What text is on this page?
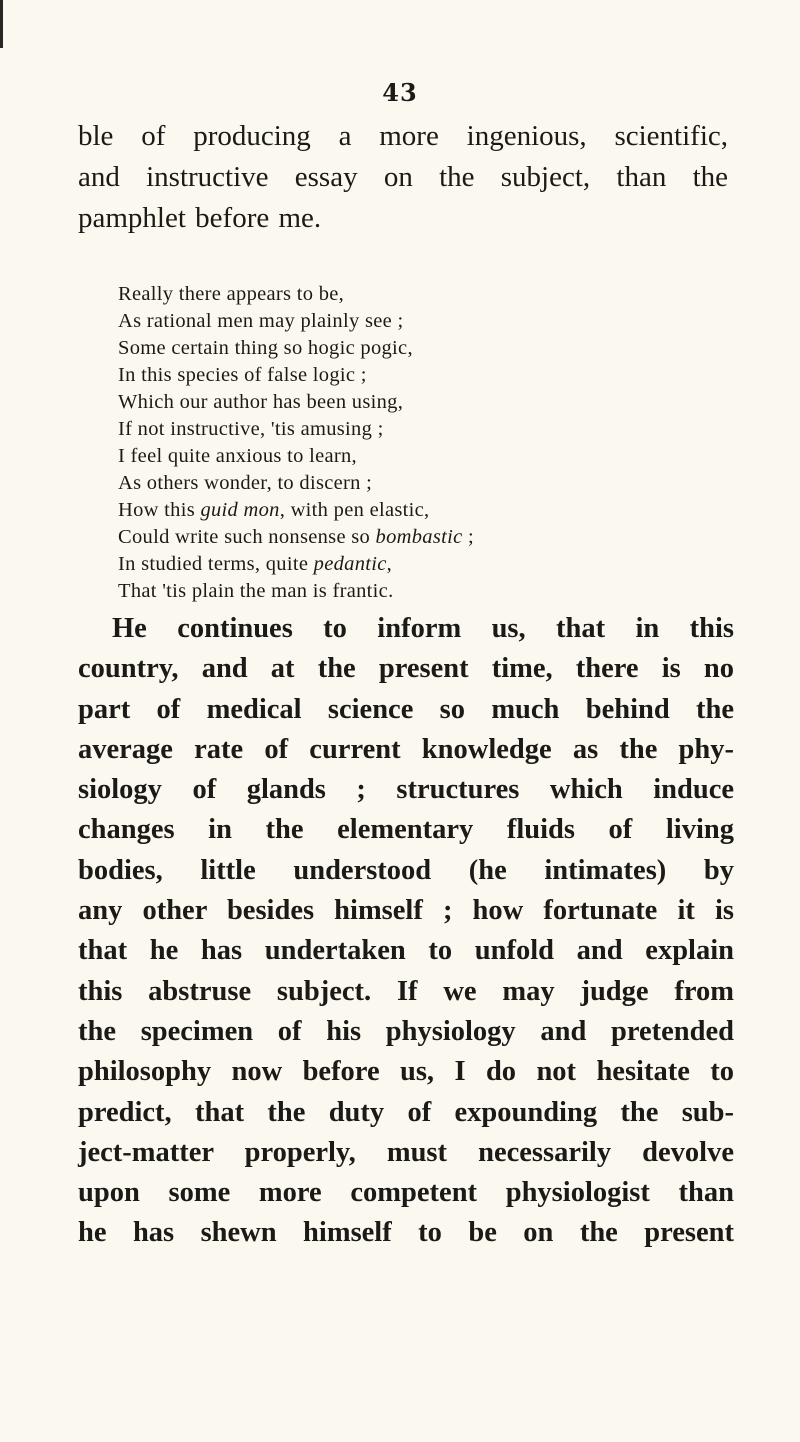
43
ble of producing a more ingenious, scientific,
and instructive essay on the subject, than the
pamphlet before me.
Really there appears to be,
As rational men may plainly see ;
Some certain thing so hogic pogic,
In this species of false logic ;
Which our author has been using,
If not instructive, 'tis amusing ;
I feel quite anxious to learn,
As others wonder, to discern ;
How this guid mon, with pen elastic,
Could write such nonsense so bombastic ;
In studied terms, quite pedantic,
That 'tis plain the man is frantic.
He continues to inform us, that in this
country, and at the present time, there is no
part of medical science so much behind the
average rate of current knowledge as the phy-
siology of glands ; structures which induce
changes in the elementary fluids of living
bodies, little understood (he intimates) by
any other besides himself ; how fortunate it is
that he has undertaken to unfold and explain
this abstruse subject. If we may judge from
the specimen of his physiology and pretended
philosophy now before us, I do not hesitate to
predict, that the duty of expounding the sub-
ject-matter properly, must necessarily devolve
upon some more competent physiologist than
he has shewn himself to be on the present
